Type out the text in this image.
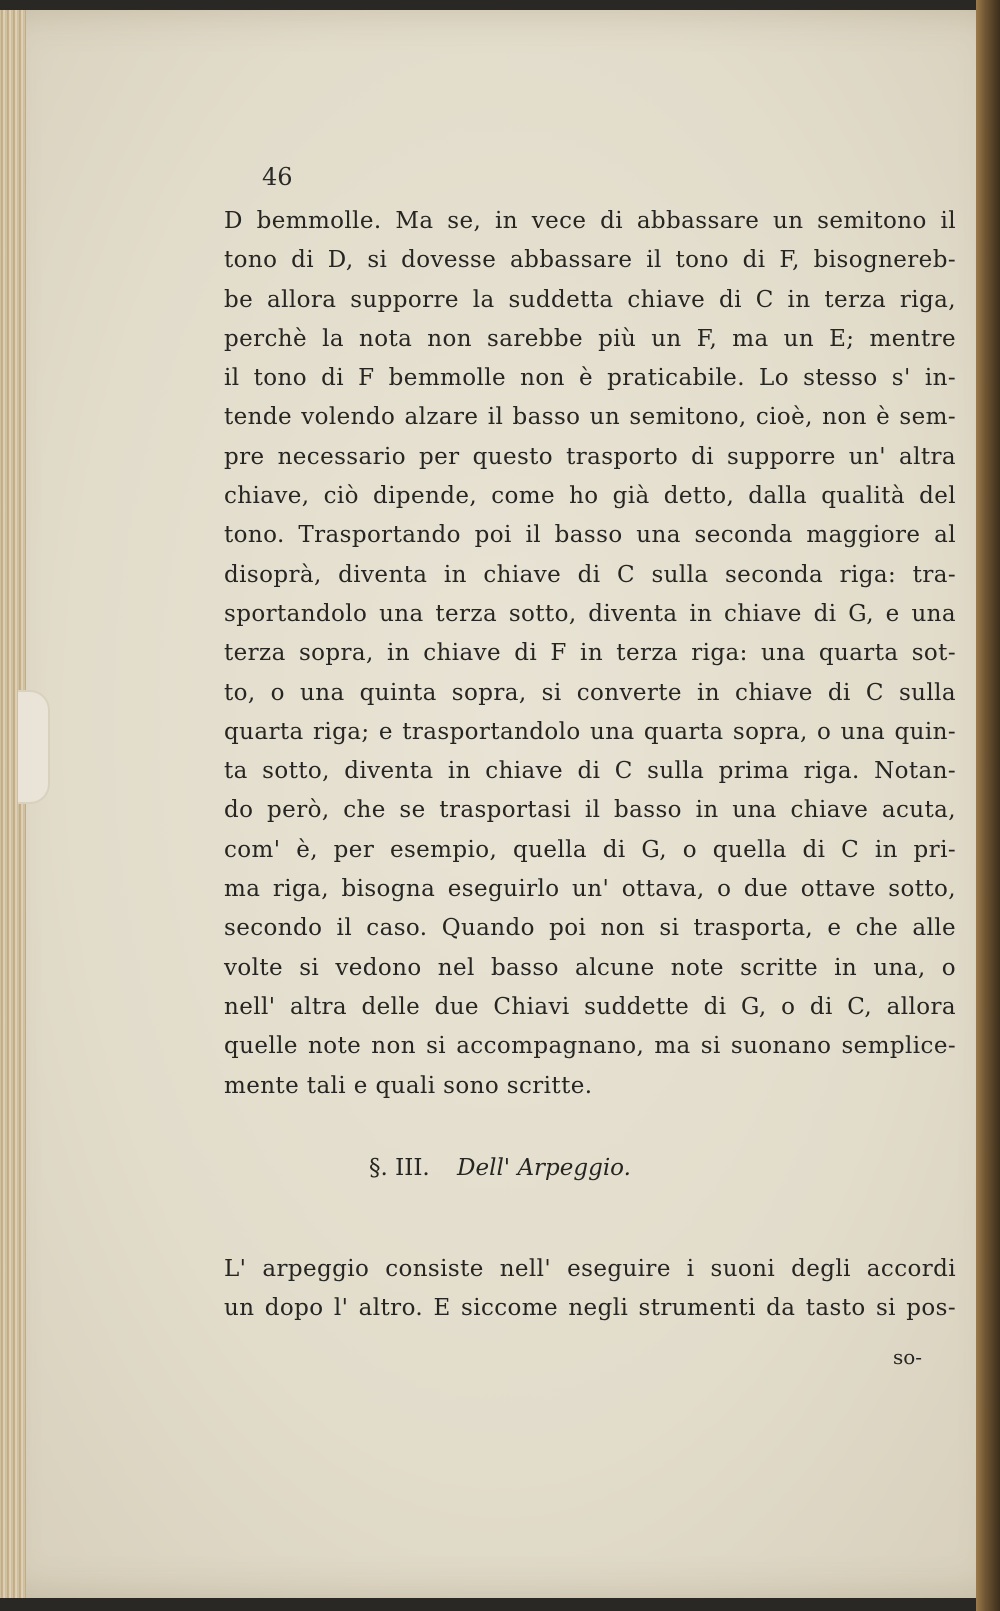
46
D bemmolle. Ma se, in vece di abbassare un semitono il
tono di D, si dovesse abbassare il tono di F, bisognereb-
be allora supporre la suddetta chiave di C in terza riga,
perchè la nota non sarebbe più un F, ma un E; mentre
il tono di F bemmolle non è praticabile. Lo stesso s' in-
tende volendo alzare il basso un semitono, cioè, non è sem-
pre necessario per questo trasporto di supporre un' altra
chiave, ciò dipende, come ho già detto, dalla qualità del
tono. Trasportando poi il basso una seconda maggiore al
disoprà, diventa in chiave di C sulla seconda riga: tra-
sportandolo una terza sotto, diventa in chiave di G, e una
terza sopra, in chiave di F in terza riga: una quarta sot-
to, o una quinta sopra, si converte in chiave di C sulla
quarta riga; e trasportandolo una quarta sopra, o una quin-
ta sotto, diventa in chiave di C sulla prima riga. Notan-
do però, che se trasportasi il basso in una chiave acuta,
com' è, per esempio, quella di G, o quella di C in pri-
ma riga, bisogna eseguirlo un' ottava, o due ottave sotto,
secondo il caso. Quando poi non si trasporta, e che alle
volte si vedono nel basso alcune note scritte in una, o
nell' altra delle due Chiavi suddette di G, o di C, allora
quelle note non si accompagnano, ma si suonano semplice-
mente tali e quali sono scritte.
§. III. Dell' Arpeggio.
L' arpeggio consiste nell' eseguire i suoni degli accordi
un dopo l' altro. E siccome negli strumenti da tasto si pos-
so-
